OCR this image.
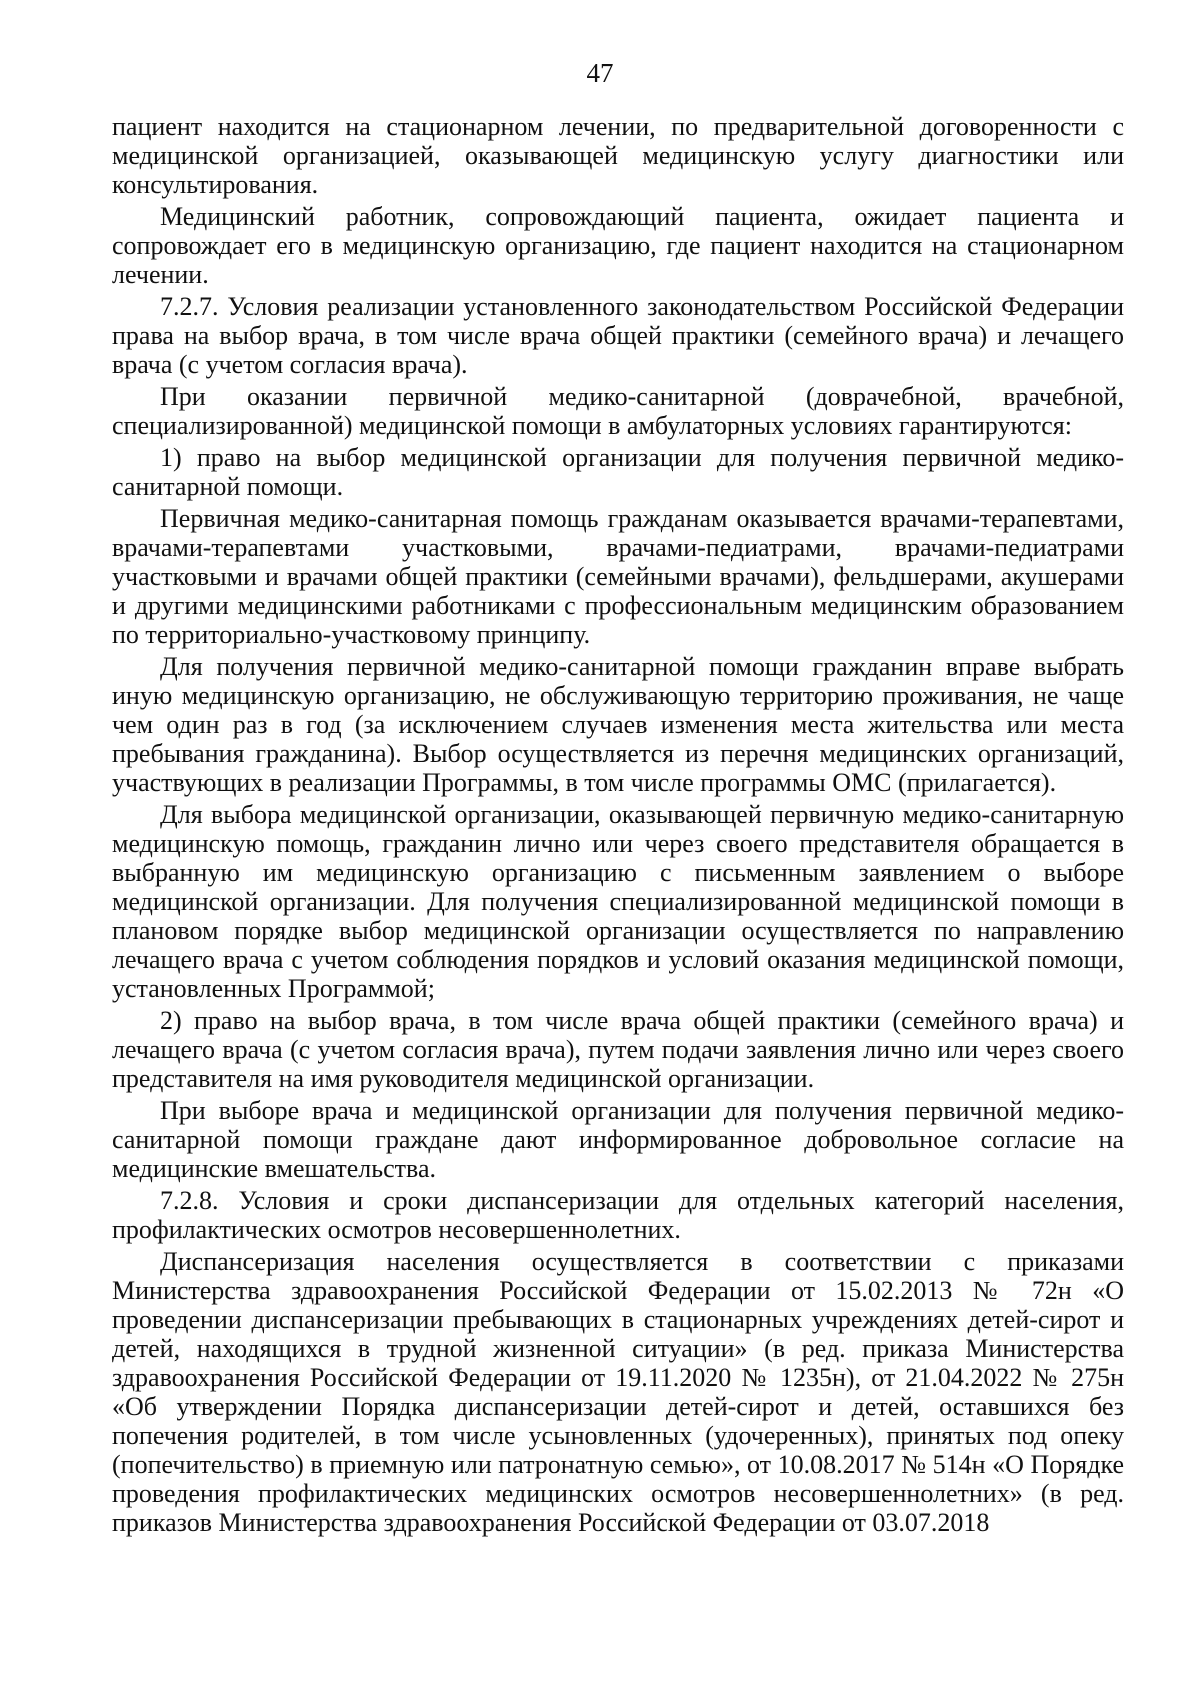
47

пациент находится на стационарном лечении, по предварительной договоренности с медицинской организацией, оказывающей медицинскую услугу диагностики или консультирования.

Медицинский работник, сопровождающий пациента, ожидает пациента и сопровождает его в медицинскую организацию, где пациент находится на стационарном лечении.

7.2.7. Условия реализации установленного законодательством Российской Федерации права на выбор врача, в том числе врача общей практики (семейного врача) и лечащего врача (с учетом согласия врача).

При оказании первичной медико-санитарной (доврачебной, врачебной, специализированной) медицинской помощи в амбулаторных условиях гарантируются:

1) право на выбор медицинской организации для получения первичной медико-санитарной помощи.

Первичная медико-санитарная помощь гражданам оказывается врачами-терапевтами, врачами-терапевтами участковыми, врачами-педиатрами, врачами-педиатрами участковыми и врачами общей практики (семейными врачами), фельдшерами, акушерами и другими медицинскими работниками с профессиональным медицинским образованием по территориально-участковому принципу.

Для получения первичной медико-санитарной помощи гражданин вправе выбрать иную медицинскую организацию, не обслуживающую территорию проживания, не чаще чем один раз в год (за исключением случаев изменения места жительства или места пребывания гражданина). Выбор осуществляется из перечня медицинских организаций, участвующих в реализации Программы, в том числе программы ОМС (прилагается).

Для выбора медицинской организации, оказывающей первичную медико-санитарную медицинскую помощь, гражданин лично или через своего представителя обращается в выбранную им медицинскую организацию с письменным заявлением о выборе медицинской организации. Для получения специализированной медицинской помощи в плановом порядке выбор медицинской организации осуществляется по направлению лечащего врача с учетом соблюдения порядков и условий оказания медицинской помощи, установленных Программой;

2) право на выбор врача, в том числе врача общей практики (семейного врача) и лечащего врача (с учетом согласия врача), путем подачи заявления лично или через своего представителя на имя руководителя медицинской организации.

При выборе врача и медицинской организации для получения первичной медико-санитарной помощи граждане дают информированное добровольное согласие на медицинские вмешательства.

7.2.8. Условия и сроки диспансеризации для отдельных категорий населения, профилактических осмотров несовершеннолетних.

Диспансеризация населения осуществляется в соответствии с приказами Министерства здравоохранения Российской Федерации от 15.02.2013 № 72н «О проведении диспансеризации пребывающих в стационарных учреждениях детей-сирот и детей, находящихся в трудной жизненной ситуации» (в ред. приказа Министерства здравоохранения Российской Федерации от 19.11.2020 № 1235н), от 21.04.2022 № 275н «Об утверждении Порядка диспансеризации детей-сирот и детей, оставшихся без попечения родителей, в том числе усыновленных (удочеренных), принятых под опеку (попечительство) в приемную или патронатную семью», от 10.08.2017 № 514н «О Порядке проведения профилактических медицинских осмотров несовершеннолетних» (в ред. приказов Министерства здравоохранения Российской Федерации от 03.07.2018
